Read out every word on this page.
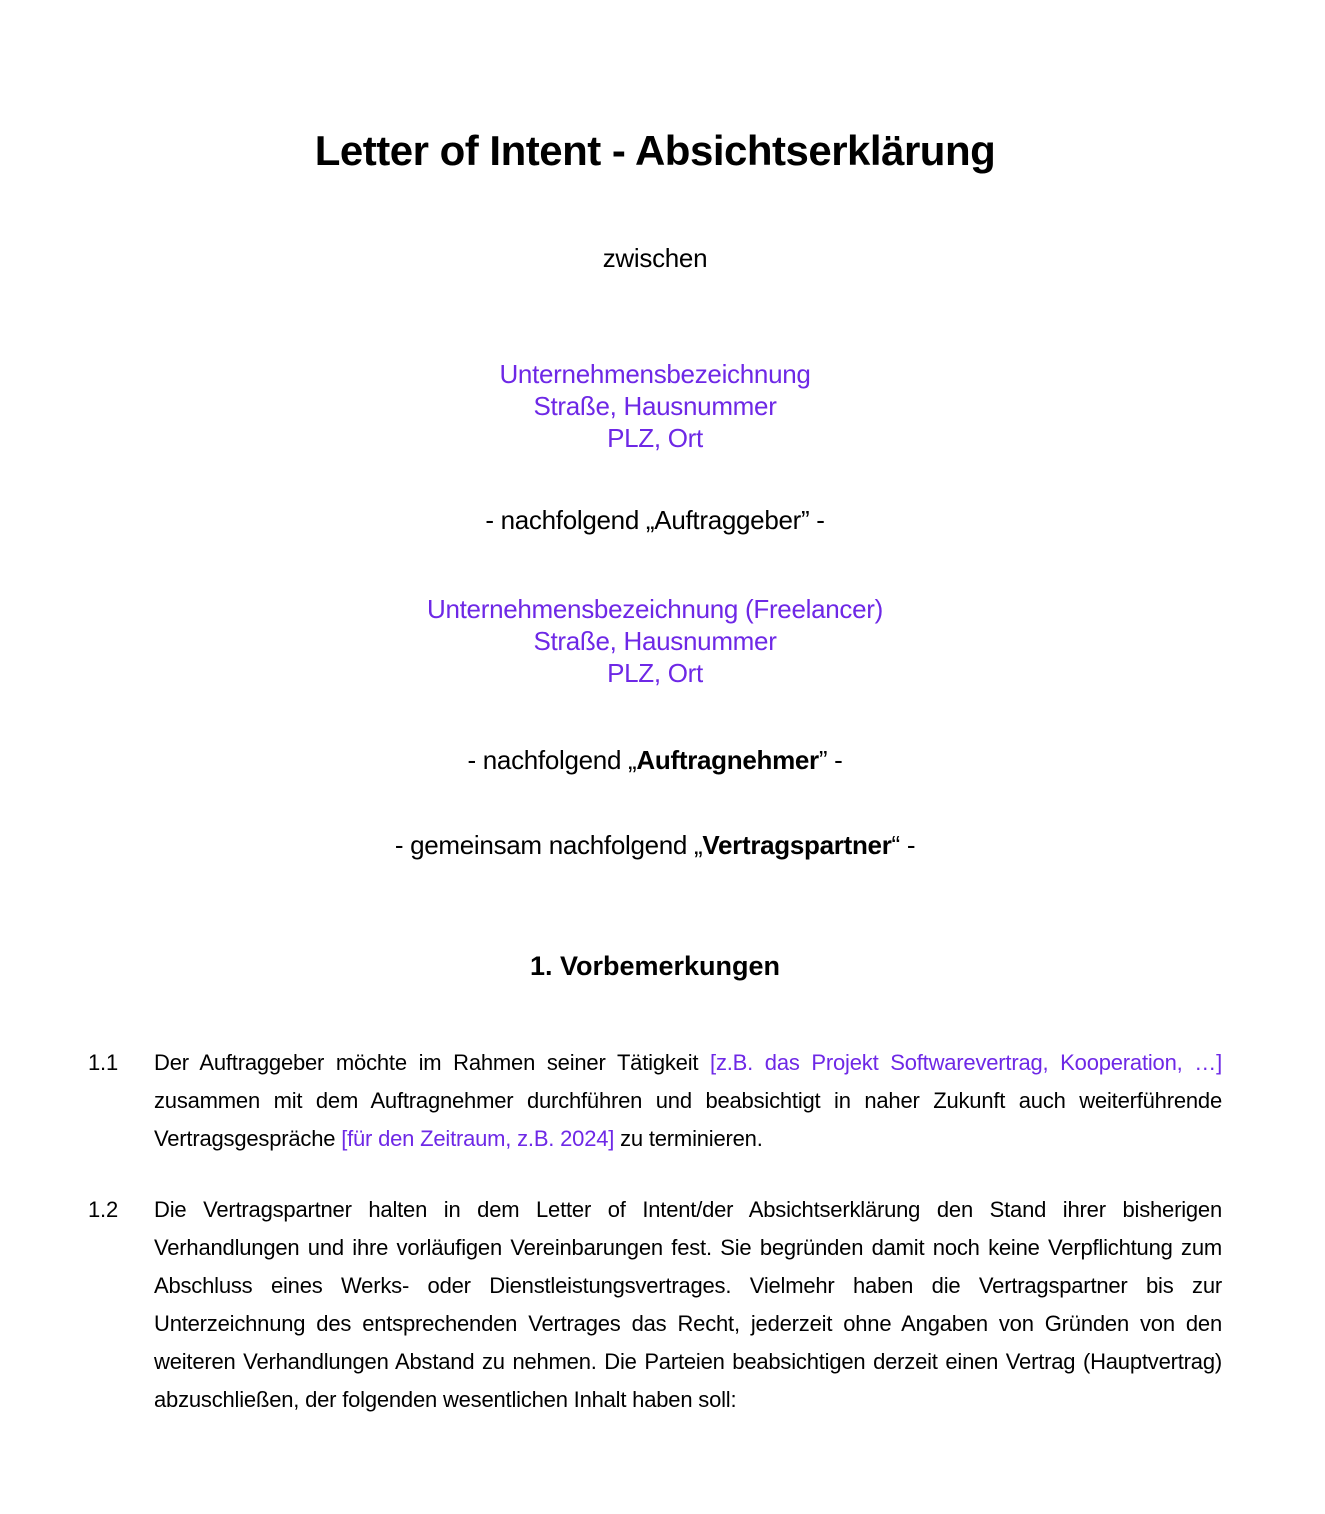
Letter of Intent - Absichtserklärung
zwischen
Unternehmensbezeichnung
Straße, Hausnummer
PLZ, Ort
- nachfolgend „Auftraggeber” -
Unternehmensbezeichnung (Freelancer)
Straße, Hausnummer
PLZ, Ort
- nachfolgend „Auftragnehmer” -
- gemeinsam nachfolgend „Vertragspartner“ -
1. Vorbemerkungen
1.1 Der Auftraggeber möchte im Rahmen seiner Tätigkeit [z.B. das Projekt Softwarevertrag, Kooperation, …] zusammen mit dem Auftragnehmer durchführen und beabsichtigt in naher Zukunft auch weiterführende Vertragsgespräche [für den Zeitraum, z.B. 2024] zu terminieren.
1.2 Die Vertragspartner halten in dem Letter of Intent/der Absichtserklärung den Stand ihrer bisherigen Verhandlungen und ihre vorläufigen Vereinbarungen fest. Sie begründen damit noch keine Verpflichtung zum Abschluss eines Werks- oder Dienstleistungsvertrages. Vielmehr haben die Vertragspartner bis zur Unterzeichnung des entsprechenden Vertrages das Recht, jederzeit ohne Angaben von Gründen von den weiteren Verhandlungen Abstand zu nehmen. Die Parteien beabsichtigen derzeit einen Vertrag (Hauptvertrag) abzuschließen, der folgenden wesentlichen Inhalt haben soll:
